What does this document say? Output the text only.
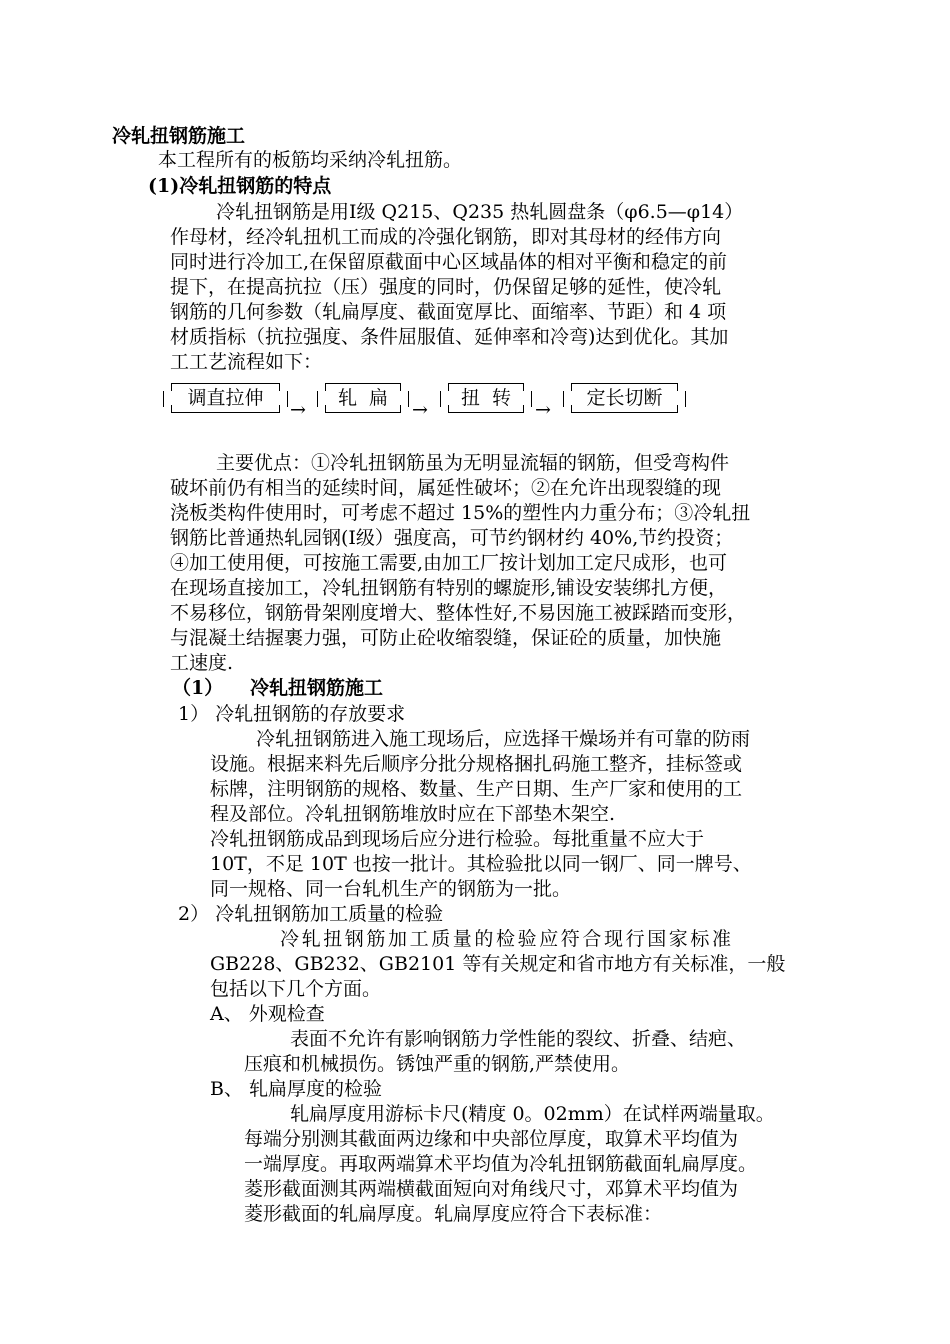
冷轧扭钢筋施工
本工程所有的板筋均采纳冷轧扭筋。
(1)冷轧扭钢筋的特点
冷轧扭钢筋是用Ⅰ级 Q215、Q235 热轧圆盘条（φ6.5—φ14）
作母材，经冷轧扭机工而成的冷强化钢筋，即对其母材的经伟方向
同时进行冷加工,在保留原截面中心区域晶体的相对平衡和稳定的前
提下，在提高抗拉（压）强度的同时，仍保留足够的延性，使冷轧
钢筋的几何参数（轧扁厚度、截面宽厚比、面缩率、节距）和 4 项
材质指标（抗拉强度、条件屈服值、延伸率和冷弯)达到优化。其加
工工艺流程如下：
调直拉伸
→
轧  扁
→
扭  转
→
定长切断
主要优点：①冷轧扭钢筋虽为无明显流辐的钢筋，但受弯构件
破坏前仍有相当的延续时间，属延性破坏；②在允许出现裂缝的现
浇板类构件使用时，可考虑不超过 15%的塑性内力重分布；③冷轧扭
钢筋比普通热轧园钢(Ⅰ级）强度高，可节约钢材约 40%,节约投资；
④加工使用便，可按施工需要,由加工厂按计划加工定尺成形，也可
在现场直接加工，冷轧扭钢筋有特别的螺旋形,铺设安装绑扎方便，
不易移位，钢筋骨架刚度增大、整体性好,不易因施工被踩踏而变形，
与混凝土结握裹力强，可防止砼收缩裂缝，保证砼的质量，加快施
工速度.
（1） 冷轧扭钢筋施工
1） 冷轧扭钢筋的存放要求
冷轧扭钢筋进入施工现场后，应选择干燥场并有可靠的防雨
设施。根据来料先后顺序分批分规格捆扎码施工整齐，挂标签或
标牌，注明钢筋的规格、数量、生产日期、生产厂家和使用的工
程及部位。冷轧扭钢筋堆放时应在下部垫木架空.
冷轧扭钢筋成品到现场后应分进行检验。每批重量不应大于
10T，不足 10T 也按一批计。其检验批以同一钢厂、同一牌号、
同一规格、同一台轧机生产的钢筋为一批。
2） 冷轧扭钢筋加工质量的检验
冷轧扭钢筋加工质量的检验应符合现行国家标准
GB228、GB232、GB2101 等有关规定和省市地方有关标准，一般
包括以下几个方面。
A、 外观检查
表面不允许有影响钢筋力学性能的裂纹、折叠、结疤、
压痕和机械损伤。锈蚀严重的钢筋,严禁使用。
B、 轧扁厚度的检验
轧扁厚度用游标卡尺(精度 0。02mm）在试样两端量取。
每端分别测其截面两边缘和中央部位厚度，取算术平均值为
一端厚度。再取两端算术平均值为冷轧扭钢筋截面轧扁厚度。
菱形截面测其两端横截面短向对角线尺寸，邓算术平均值为
菱形截面的轧扁厚度。轧扁厚度应符合下表标准：
